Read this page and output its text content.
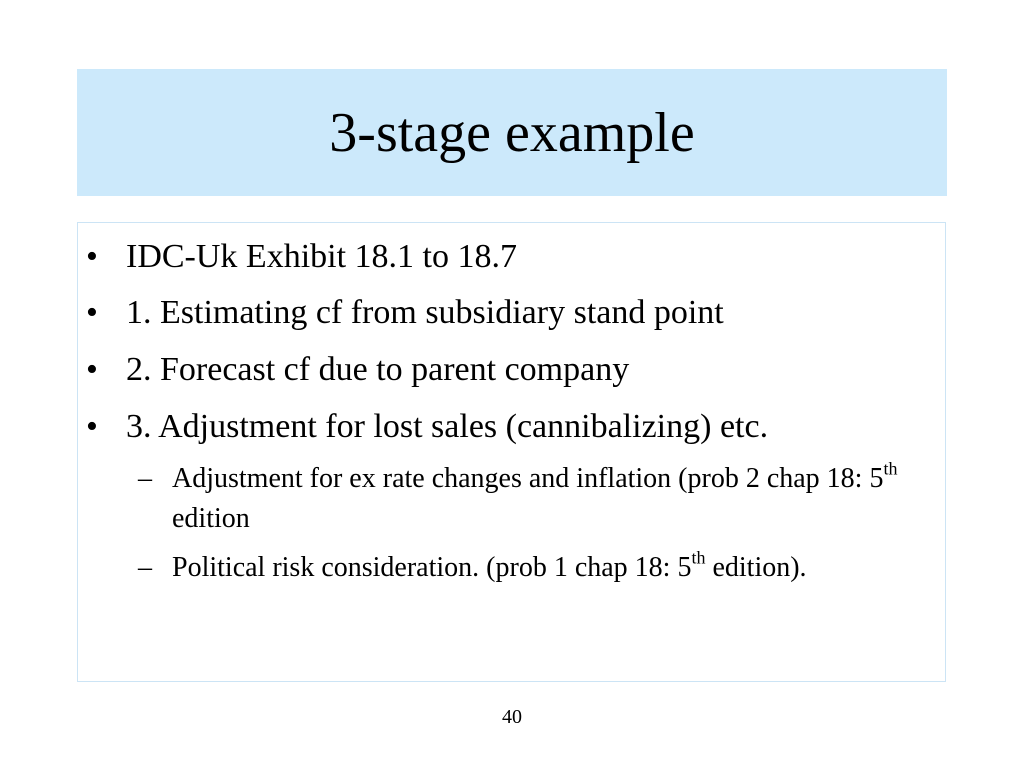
3-stage example
• IDC-Uk Exhibit 18.1 to 18.7
• 1. Estimating cf from subsidiary stand point
• 2. Forecast cf due to parent company
• 3. Adjustment for lost sales (cannibalizing) etc.
– Adjustment for ex rate changes and inflation (prob 2 chap 18: 5th edition
– Political risk consideration. (prob 1 chap 18: 5th edition).
40
